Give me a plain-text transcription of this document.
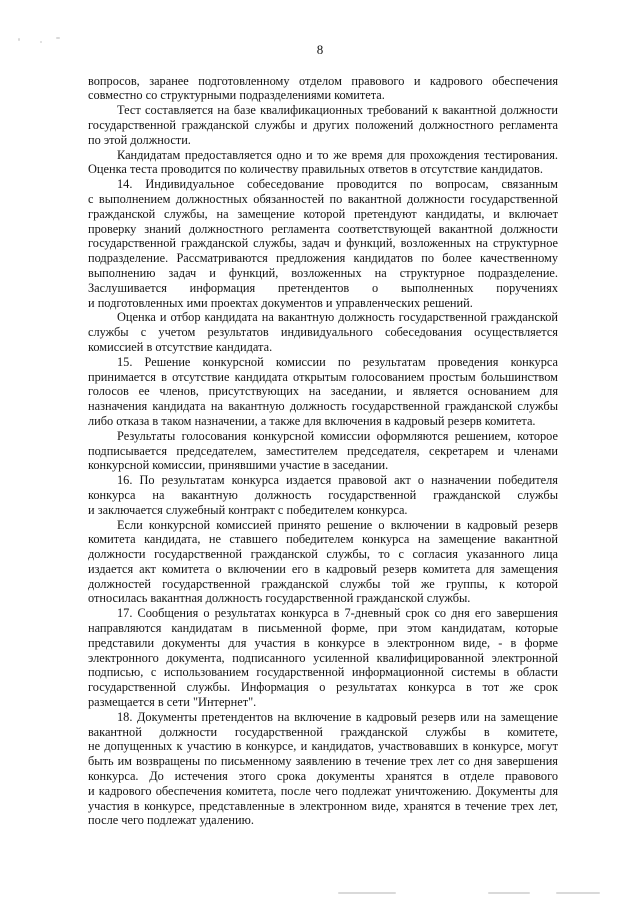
8
вопросов, заранее подготовленному отделом правового и кадрового обеспечения
совместно со структурными подразделениями комитета.
Тест составляется на базе квалификационных требований к вакантной должности
государственной гражданской службы и других положений должностного регламента
по этой должности.
Кандидатам предоставляется одно и то же время для прохождения тестирования.
Оценка теста проводится по количеству правильных ответов в отсутствие кандидатов.
14. Индивидуальное собеседование проводится по вопросам, связанным
с выполнением должностных обязанностей по вакантной должности государственной
гражданской службы, на замещение которой претендуют кандидаты, и включает
проверку знаний должностного регламента соответствующей вакантной должности
государственной гражданской службы, задач и функций, возложенных на структурное
подразделение. Рассматриваются предложения кандидатов по более качественному
выполнению задач и функций, возложенных на структурное подразделение.
Заслушивается информация претендентов о выполненных поручениях
и подготовленных ими проектах документов и управленческих решений.
Оценка и отбор кандидата на вакантную должность государственной гражданской
службы с учетом результатов индивидуального собеседования осуществляется
комиссией в отсутствие кандидата.
15. Решение конкурсной комиссии по результатам проведения конкурса
принимается в отсутствие кандидата открытым голосованием простым большинством
голосов ее членов, присутствующих на заседании, и является основанием для
назначения кандидата на вакантную должность государственной гражданской службы
либо отказа в таком назначении, а также для включения в кадровый резерв комитета.
Результаты голосования конкурсной комиссии оформляются решением, которое
подписывается председателем, заместителем председателя, секретарем и членами
конкурсной комиссии, принявшими участие в заседании.
16. По результатам конкурса издается правовой акт о назначении победителя
конкурса на вакантную должность государственной гражданской службы
и заключается служебный контракт с победителем конкурса.
Если конкурсной комиссией принято решение о включении в кадровый резерв
комитета кандидата, не ставшего победителем конкурса на замещение вакантной
должности государственной гражданской службы, то с согласия указанного лица
издается акт комитета о включении его в кадровый резерв комитета для замещения
должностей государственной гражданской службы той же группы, к которой
относилась вакантная должность государственной гражданской службы.
17. Сообщения о результатах конкурса в 7-дневный срок со дня его завершения
направляются кандидатам в письменной форме, при этом кандидатам, которые
представили документы для участия в конкурсе в электронном виде, - в форме
электронного документа, подписанного усиленной квалифицированной электронной
подписью, с использованием государственной информационной системы в области
государственной службы. Информация о результатах конкурса в тот же срок
размещается в сети "Интернет".
18. Документы претендентов на включение в кадровый резерв или на замещение
вакантной должности государственной гражданской службы в комитете,
не допущенных к участию в конкурсе, и кандидатов, участвовавших в конкурсе, могут
быть им возвращены по письменному заявлению в течение трех лет со дня завершения
конкурса. До истечения этого срока документы хранятся в отделе правового
и кадрового обеспечения комитета, после чего подлежат уничтожению. Документы для
участия в конкурсе, представленные в электронном виде, хранятся в течение трех лет,
после чего подлежат удалению.
